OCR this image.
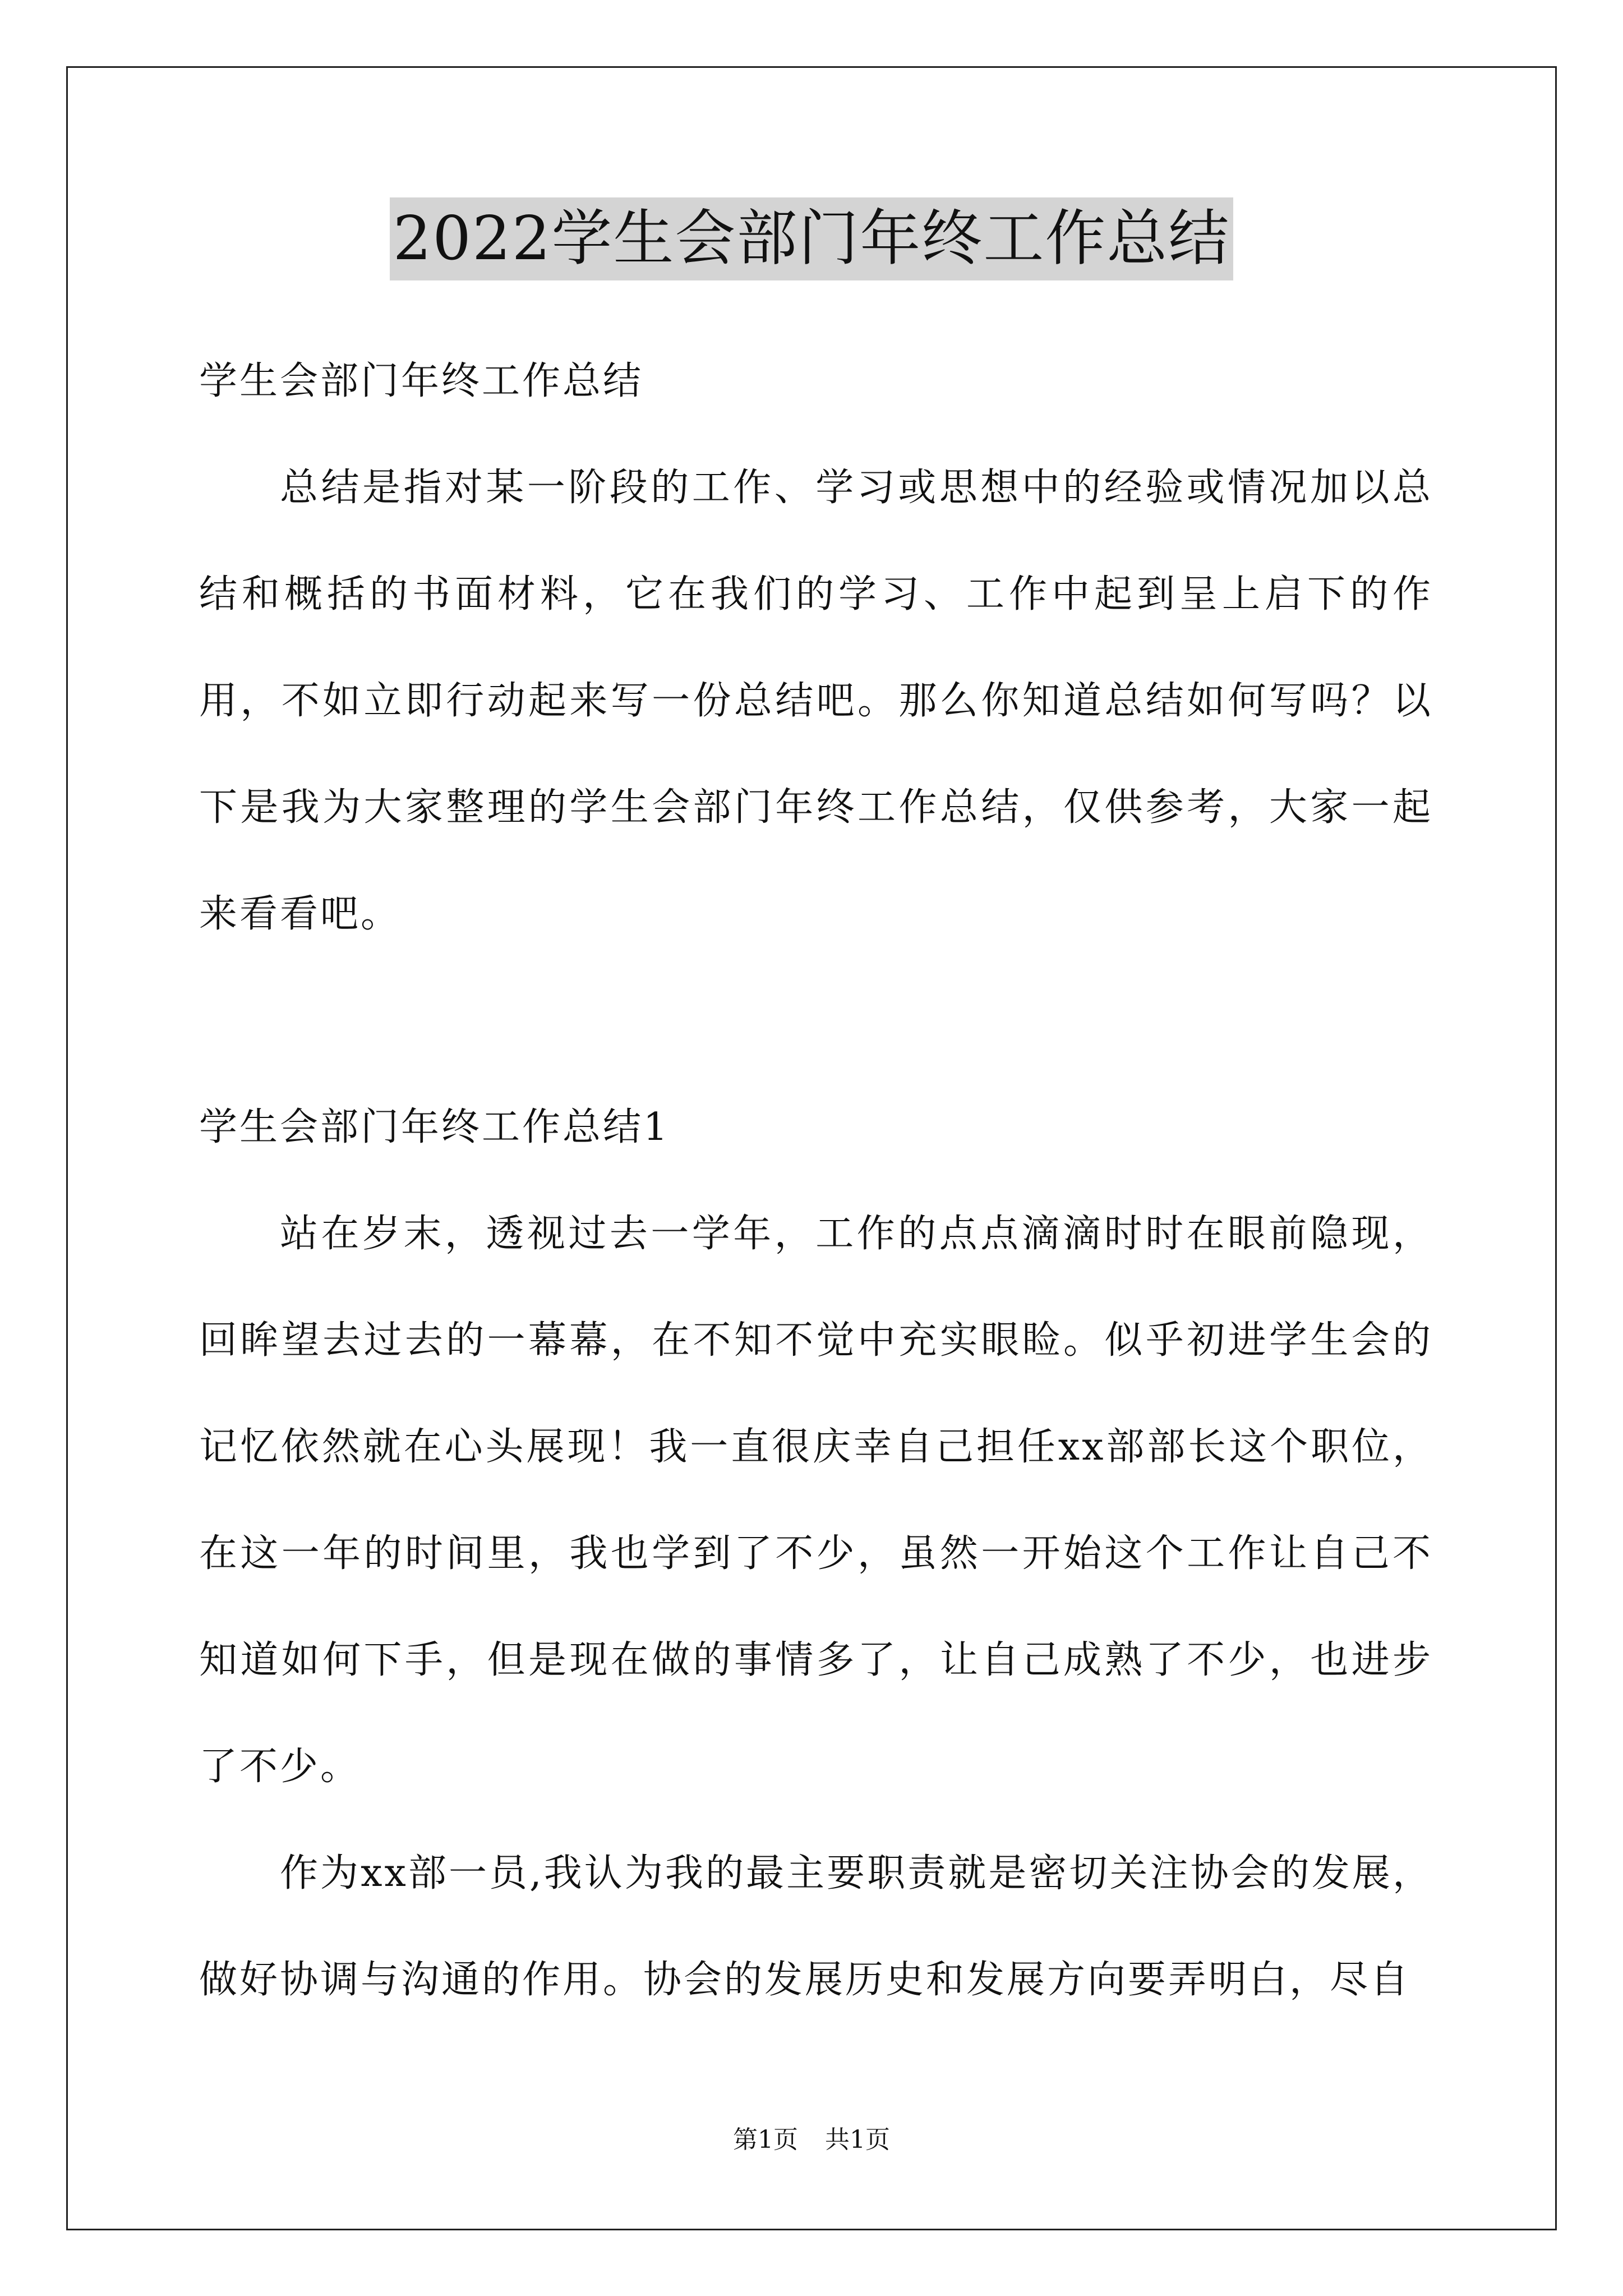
2022学生会部门年终工作总结

学生会部门年终工作总结

总结是指对某一阶段的工作、学习或思想中的经验或情况加以总结和概括的书面材料，它在我们的学习、工作中起到呈上启下的作用，不如立即行动起来写一份总结吧。那么你知道总结如何写吗？以下是我为大家整理的学生会部门年终工作总结，仅供参考，大家一起来看看吧。

学生会部门年终工作总结1

站在岁末，透视过去一学年，工作的点点滴滴时时在眼前隐现，回眸望去过去的一幕幕，在不知不觉中充实眼睑。似乎初进学生会的记忆依然就在心头展现！我一直很庆幸自己担任xx部部长这个职位，在这一年的时间里，我也学到了不少，虽然一开始这个工作让自己不知道如何下手，但是现在做的事情多了，让自己成熟了不少，也进步了不少。

作为xx部一员,我认为我的最主要职责就是密切关注协会的发展，做好协调与沟通的作用。协会的发展历史和发展方向要弄明白，尽自

第1页 共1页
